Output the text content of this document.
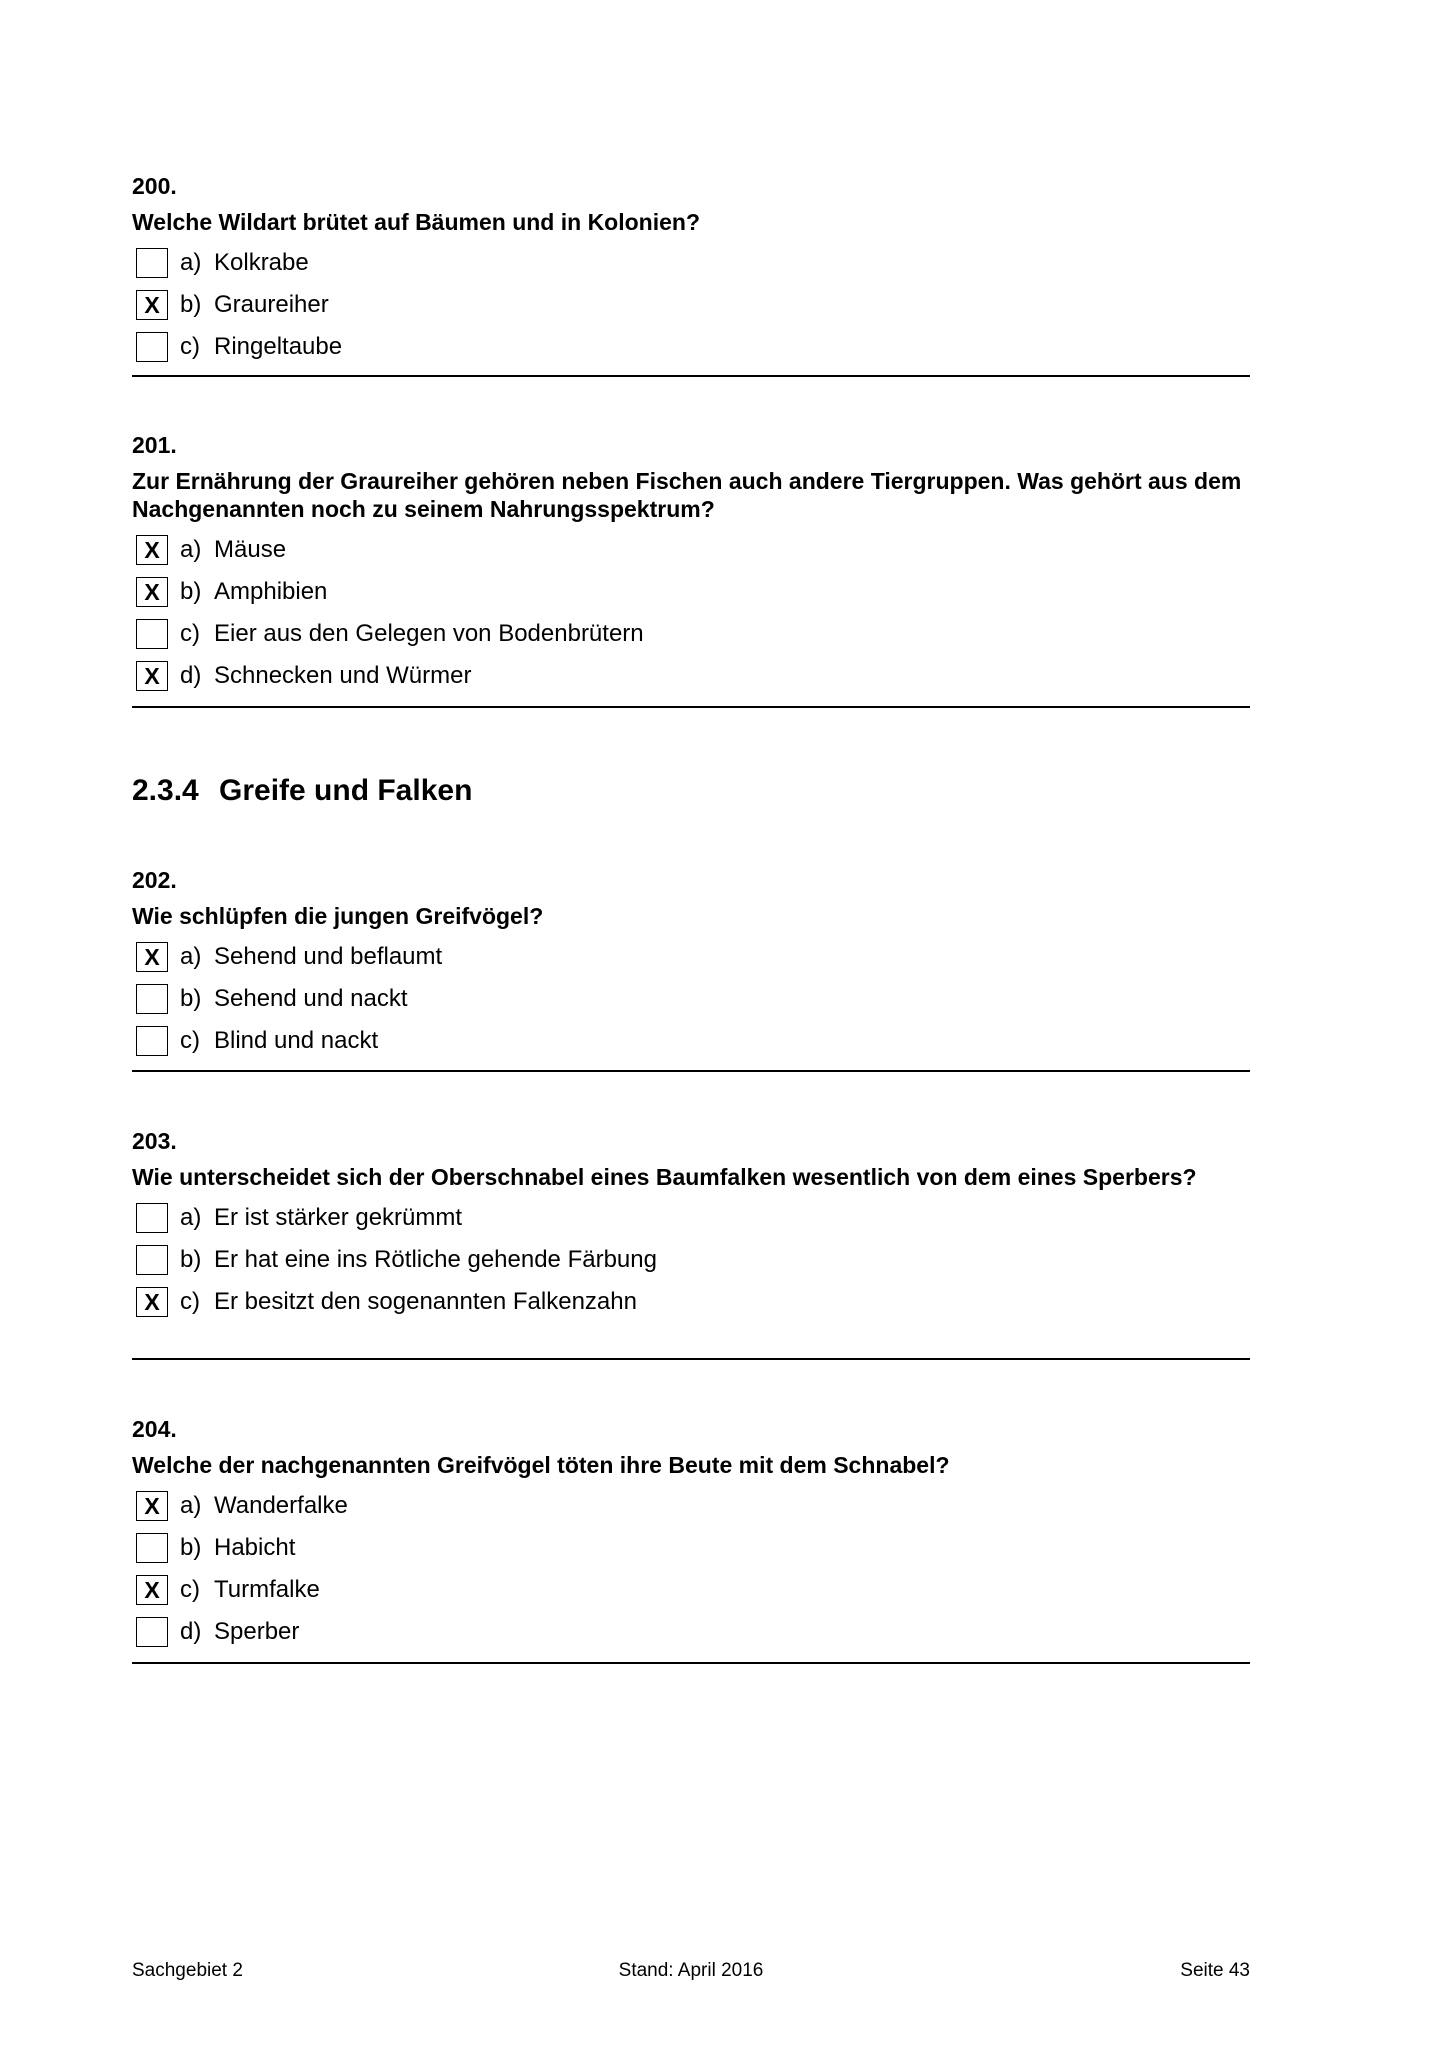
200.
Welche Wildart brütet auf Bäumen und in Kolonien?
a) Kolkrabe
X b) Graureiher
c) Ringeltaube
201.
Zur Ernährung der Graureiher gehören neben Fischen auch andere Tiergruppen. Was gehört aus dem Nachgenannten noch zu seinem Nahrungsspektrum?
X a) Mäuse
X b) Amphibien
c) Eier aus den Gelegen von Bodenbrütern
X d) Schnecken und Würmer
2.3.4 Greife und Falken
202.
Wie schlüpfen die jungen Greifvögel?
X a) Sehend und beflaumt
b) Sehend und nackt
c) Blind und nackt
203.
Wie unterscheidet sich der Oberschnabel eines Baumfalken wesentlich von dem eines Sperbers?
a) Er ist stärker gekrümmt
b) Er hat eine ins Rötliche gehende Färbung
X c) Er besitzt den sogenannten Falkenzahn
204.
Welche der nachgenannten Greifvögel töten ihre Beute mit dem Schnabel?
X a) Wanderfalke
b) Habicht
X c) Turmfalke
d) Sperber
Sachgebiet 2	Stand: April 2016	Seite 43
